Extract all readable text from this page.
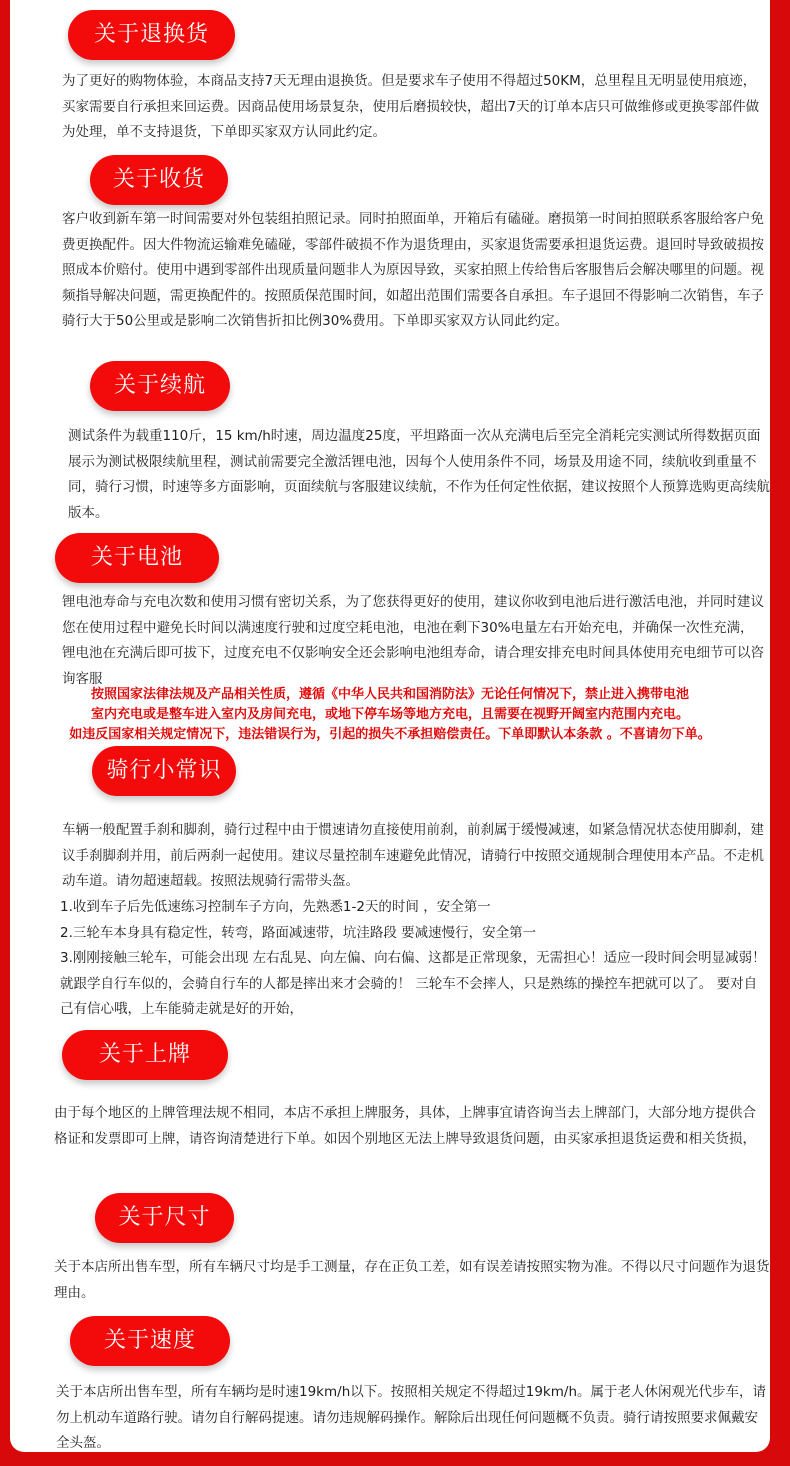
关于退换货
为了更好的购物体验，本商品支持7天无理由退换货。但是要求车子使用不得超过50KM，总里程且无明显使用痕迹，买家需要自行承担来回运费。因商品使用场景复杂，使用后磨损较快，超出7天的订单本店只可做维修或更换零部件做为处理，单不支持退货，下单即买家双方认同此约定。
关于收货
客户收到新车第一时间需要对外包装组拍照记录。同时拍照面单，开箱后有磕碰。磨损第一时间拍照联系客服给客户免费更换配件。因大件物流运输难免磕碰，零部件破损不作为退货理由，买家退货需要承担退货运费。退回时导致破损按照成本价赔付。使用中遇到零部件出现质量问题非人为原因导致，买家拍照上传给售后客服售后会解决哪里的问题。视频指导解决问题，需更换配件的。按照质保范围时间，如超出范围们需要各自承担。车子退回不得影响二次销售，车子骑行大于50公里或是影响二次销售折扣比例30%费用。下单即买家双方认同此约定。
关于续航
测试条件为载重110斤，15 km/h时速，周边温度25度，平坦路面一次从充满电后至完全消耗完实测试所得数据页面展示为测试极限续航里程，测试前需要完全激活锂电池，因每个人使用条件不同，场景及用途不同，续航收到重量不同，骑行习惯，时速等多方面影响，页面续航与客服建议续航，不作为任何定性依据，建议按照个人预算选购更高续航版本。
关于电池
锂电池寿命与充电次数和使用习惯有密切关系，为了您获得更好的使用，建议你收到电池后进行激活电池，并同时建议您在使用过程中避免长时间以满速度行驶和过度空耗电池，电池在剩下30%电量左右开始充电，并确保一次性充满，锂电池在充满后即可拔下，过度充电不仅影响安全还会影响电池组寿命，请合理安排充电时间具体使用充电细节可以咨询客服

按照国家法律法规及产品相关性质，遵循《中华人民共和国消防法》无论任何情况下，禁止进入携带电池

室内充电或是整车进入室内及房间充电，或地下停车场等地方充电，且需要在视野开阔室内范围内充电。

如违反国家相关规定情况下，违法错误行为，引起的损失不承担赔偿责任。下单即默认本条款 。不喜请勿下单。

骑行小常识
车辆一般配置手刹和脚刹，骑行过程中由于惯速请勿直接使用前刹，前刹属于缓慢减速，如紧急情况状态使用脚刹，建议手刹脚刹并用，前后两刹一起使用。建议尽量控制车速避免此情况，请骑行中按照交通规制合理使用本产品。不走机动车道。请勿超速超载。按照法规骑行需带头盔。

1.收到车子后先低速练习控制车子方向，先熟悉1-2天的时间 ，安全第一

2.三轮车本身具有稳定性，转弯，路面减速带，坑洼路段 要减速慢行，安全第一

3.刚刚接触三轮车，可能会出现 左右乱晃、向左偏、向右偏、这都是正常现象，无需担心！适应一段时间会明显减弱！就跟学自行车似的，会骑自行车的人都是摔出来才会骑的！ 三轮车不会摔人，只是熟练的操控车把就可以了。 要对自己有信心哦，上车能骑走就是好的开始，

关于上牌
由于每个地区的上牌管理法规不相同，本店不承担上牌服务，具体，上牌事宜请咨询当去上牌部门，大部分地方提供合格证和发票即可上牌，请咨询清楚进行下单。如因个别地区无法上牌导致退货问题，由买家承担退货运费和相关货损，
关于尺寸
关于本店所出售车型，所有车辆尺寸均是手工测量，存在正负工差，如有误差请按照实物为准。不得以尺寸问题作为退货理由。
关于速度
关于本店所出售车型，所有车辆均是时速19km/h以下。按照相关规定不得超过19km/h。属于老人休闲观光代步车，请勿上机动车道路行驶。请勿自行解码提速。请勿违规解码操作。解除后出现任何问题概不负责。骑行请按照要求佩戴安全头盔。
